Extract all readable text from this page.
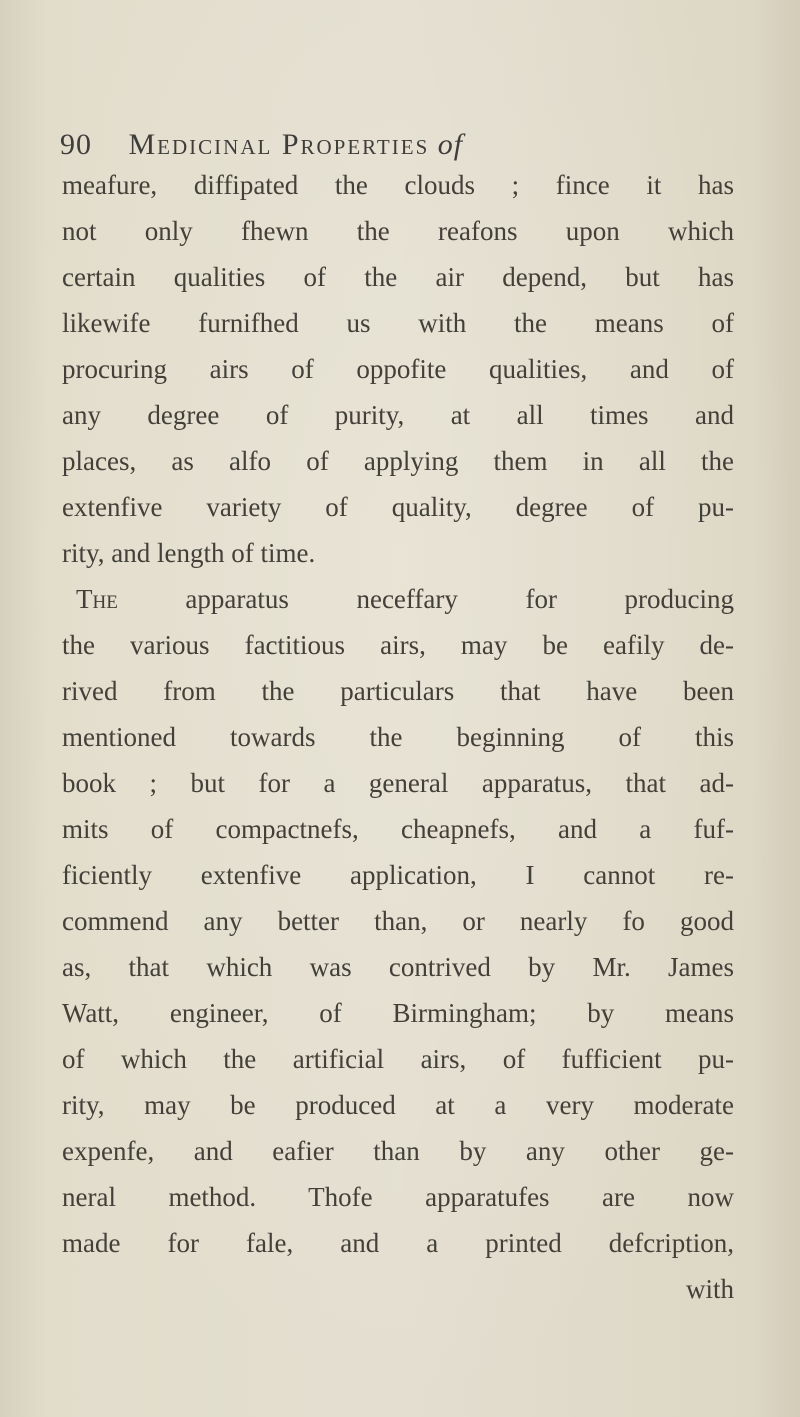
90 Medicinal Properties of
meafure, diffipated the clouds ; fince it has
not only fhewn the reafons upon which
certain qualities of the air depend, but has
likewife furnifhed us with the means of
procuring airs of oppofite qualities, and of
any degree of purity, at all times and
places, as alfo of applying them in all the
extenfive variety of quality, degree of pu-
rity, and length of time.
The	apparatus neceffary for producing
the various factitious airs, may be eafily de-
rived from the particulars that have been
mentioned towards the beginning of this
book ; but for a general apparatus, that ad-
mits of compactnefs, cheapnefs, and a fuf-
ficiently extenfive application, I cannot re-
commend any better than, or nearly fo good
as, that which was contrived by Mr. James
Watt, engineer, of Birmingham; by means
of which the artificial airs, of fufficient pu-
rity, may be produced at a very moderate
expenfe, and eafier than by any other ge-
neral method. Thofe apparatufes are now
made for fale, and a printed defcription,
with
